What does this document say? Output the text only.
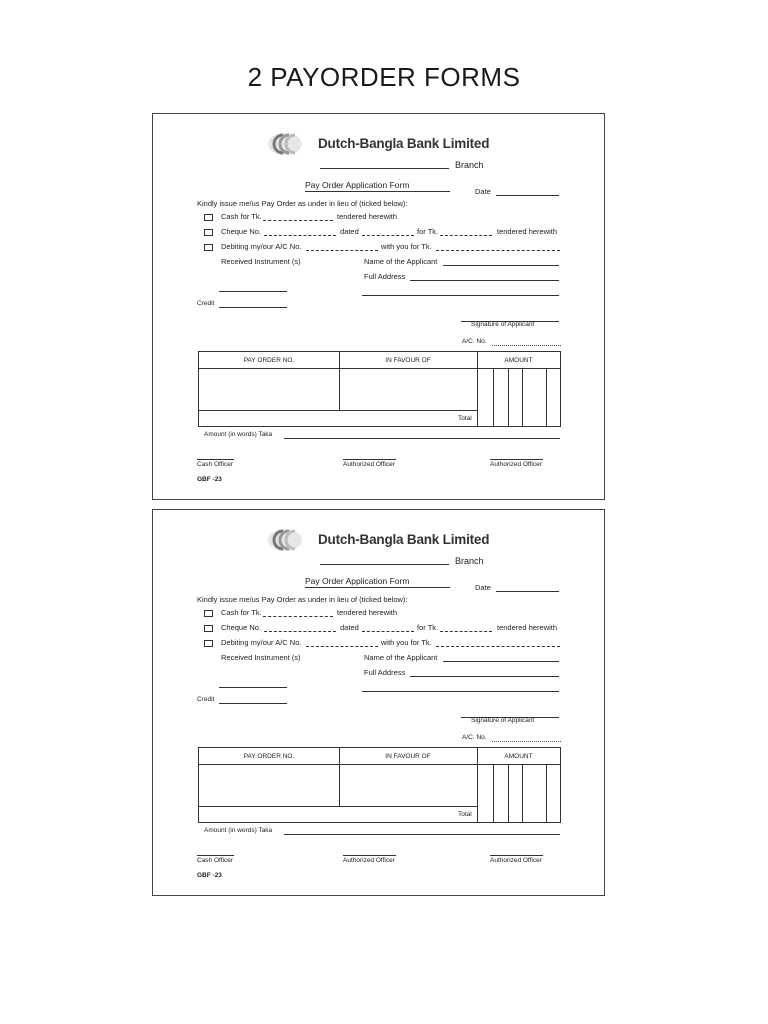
2 PAYORDER FORMS
Dutch-Bangla Bank Limited
Branch
Pay Order Application Form
Date
Kindly issue me/us Pay Order as under in lieu of (ticked below):
Cash for Tk.	tendered herewith
Cheque No.	dated	for Tk.	tendered herewith
Debiting my/our A/C No.	with you for Tk.
Received Instrument (s)	Name of the Applicant
Full Address
Credit
Signature of Applicant
A/C. No.
PAY ORDER NO.	IN FAVOUR OF	AMOUNT
Total
Amount (in words) Taka
Cash Officer	Authorized Officer	Authorized Officer
GBF -23
Dutch-Bangla Bank Limited
Branch
Pay Order Application Form
Date
Kindly issue me/us Pay Order as under in lieu of (ticked below):
Cash for Tk.	tendered herewith
Cheque No.	dated	for Tk.	tendered herewith
Debiting my/our A/C No.	with you for Tk.
Received Instrument (s)	Name of the Applicant
Full Address
Credit
Signature of Applicant
A/C. No.
PAY ORDER NO.	IN FAVOUR OF	AMOUNT
Total
Amount (in words) Taka
Cash Officer	Authorized Officer	Authorized Officer
GBF -23
